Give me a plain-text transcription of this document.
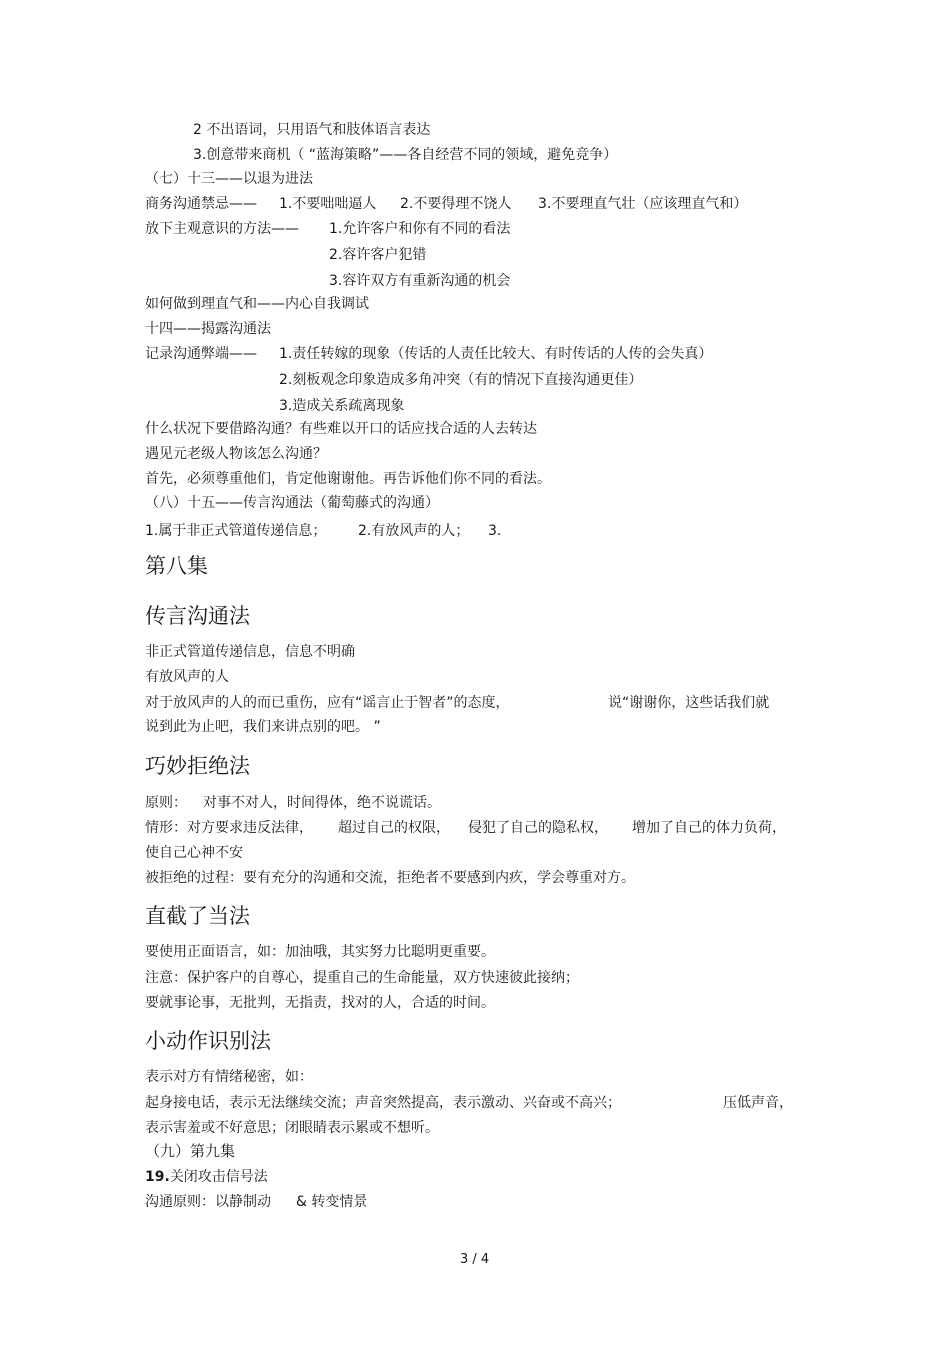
2 不出语词，只用语气和肢体语言表达
3.创意带来商机（ “蓝海策略”——各自经营不同的领域，避免竞争）
（七）十三——以退为进法
商务沟通禁忌—— 1.不要咄咄逼人 2.不要得理不饶人 3.不要理直气壮（应该理直气和）
放下主观意识的方法—— 1.允许客户和你有不同的看法
2.容许客户犯错
3.容许双方有重新沟通的机会
如何做到理直气和——内心自我调试
十四——揭露沟通法
记录沟通弊端—— 1.责任转嫁的现象（传话的人责任比较大、有时传话的人传的会失真）
2.刻板观念印象造成多角冲突（有的情况下直接沟通更佳）
3.造成关系疏离现象
什么状况下要借路沟通？有些难以开口的话应找合适的人去转达
遇见元老级人物该怎么沟通？
首先，必须尊重他们，肯定他谢谢他。再告诉他们你不同的看法。
（八）十五——传言沟通法（葡萄藤式的沟通）
1.属于非正式管道传递信息； 2.有放风声的人； 3.
第八集
传言沟通法
非正式管道传递信息，信息不明确
有放风声的人
对于放风声的人的而已重伤，应有“谣言止于智者”的态度，	说“谢谢你，这些话我们就
说到此为止吧，我们来讲点别的吧。 ”
巧妙拒绝法
原则： 对事不对人，时间得体，绝不说谎话。
情形：对方要求违反法律， 超过自己的权限， 侵犯了自己的隐私权， 增加了自己的体力负荷，
使自己心神不安
被拒绝的过程：要有充分的沟通和交流，拒绝者不要感到内疚，学会尊重对方。
直截了当法
要使用正面语言，如：加油哦，其实努力比聪明更重要。
注意：保护客户的自尊心，提重自己的生命能量，双方快速彼此接纳；
要就事论事，无批判，无指责，找对的人，合适的时间。
小动作识别法
表示对方有情绪秘密，如：
起身接电话，表示无法继续交流；声音突然提高，表示激动、兴奋或不高兴；	压低声音，
表示害羞或不好意思；闭眼睛表示累或不想听。
（九）第九集
19.关闭攻击信号法
沟通原则：以静制动 & 转变情景
3 / 4
